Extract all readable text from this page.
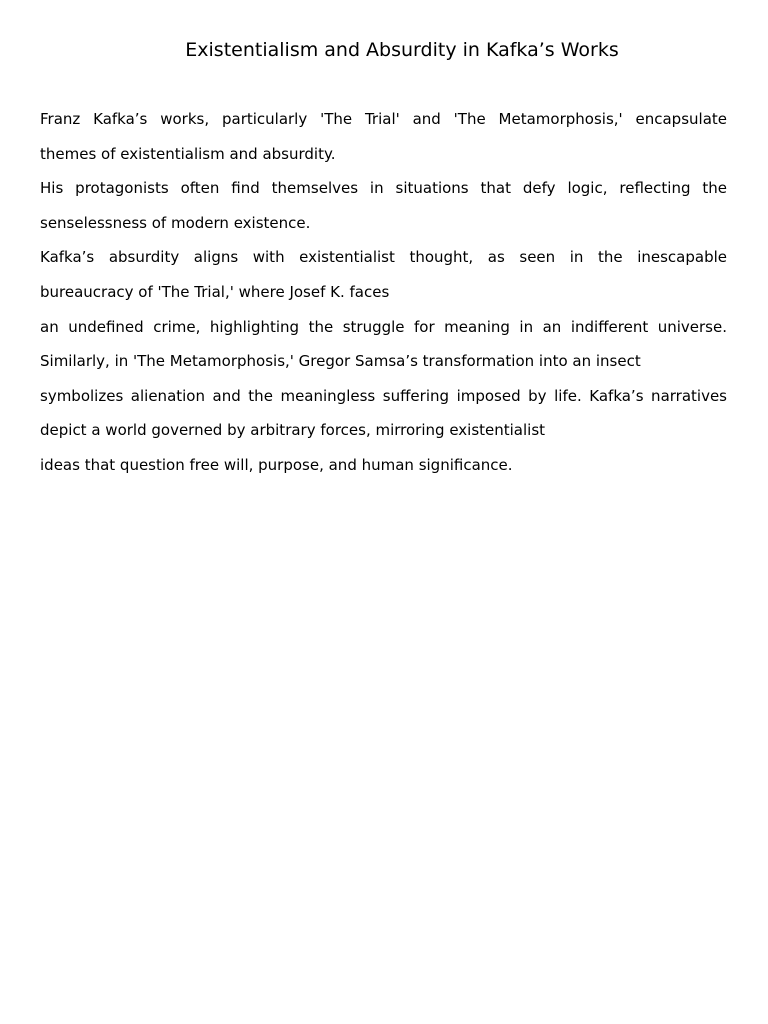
Existentialism and Absurdity in Kafka’s Works
Franz Kafka’s works, particularly 'The Trial' and 'The Metamorphosis,' encapsulate
themes of existentialism and absurdity.
His protagonists often find themselves in situations that defy logic, reflecting the
senselessness of modern existence.
Kafka’s absurdity aligns with existentialist thought, as seen in the inescapable
bureaucracy of 'The Trial,' where Josef K. faces
an undefined crime, highlighting the struggle for meaning in an indifferent universe.
Similarly, in 'The Metamorphosis,' Gregor Samsa’s transformation into an insect
symbolizes alienation and the meaningless suffering imposed by life. Kafka’s narratives
depict a world governed by arbitrary forces, mirroring existentialist
ideas that question free will, purpose, and human significance.
